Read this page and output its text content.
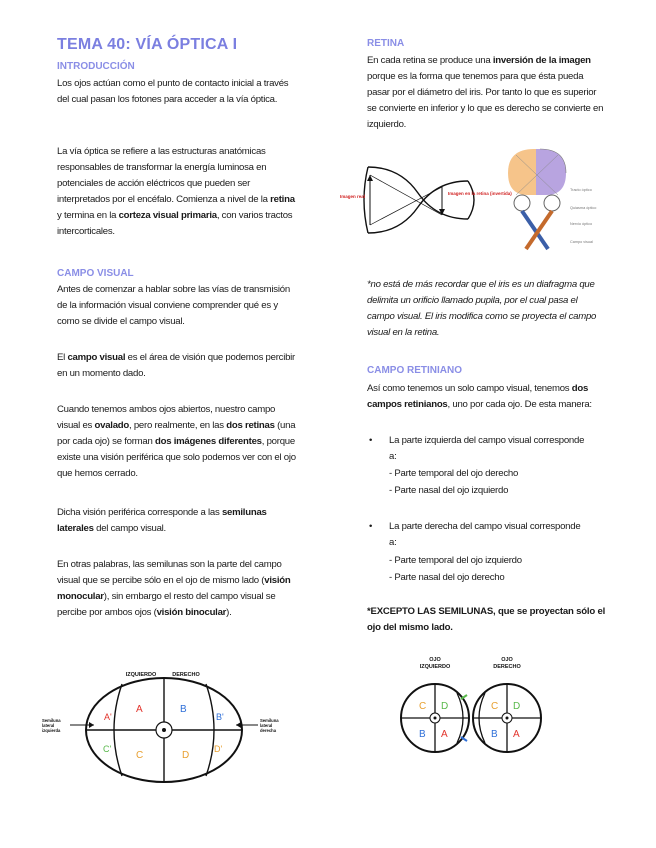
TEMA 40: VÍA ÓPTICA I
INTRODUCCIÓN
Los ojos actúan como el punto de contacto inicial a través del cual pasan los fotones para acceder a la vía óptica.
La vía óptica se refiere a las estructuras anatómicas responsables de transformar la energía luminosa en potenciales de acción eléctricos que pueden ser interpretados por el encéfalo. Comienza a nivel de la retina y termina en la corteza visual primaria, con varios tractos intercorticales.
CAMPO VISUAL
Antes de comenzar a hablar sobre las vías de transmisión de la información visual conviene comprender qué es y como se divide el campo visual.
El campo visual es el área de visión que podemos percibir en un momento dado.
Cuando tenemos ambos ojos abiertos, nuestro campo visual es ovalado, pero realmente, en las dos retinas (una por cada ojo) se forman dos imágenes diferentes, porque existe una visión periférica que solo podemos ver con el ojo que hemos cerrado.
Dicha visión periférica corresponde a las semilunas laterales del campo visual.
En otras palabras, las semilunas son la parte del campo visual que se percibe sólo en el ojo de mismo lado (visión monocular), sin embargo el resto del campo visual se percibe por ambos ojos (visión binocular).
IZQUIERDO	DERECHO
Semiluna lateral izquierda
Semiluna lateral derecha
A'
A	B
B'
C'
C	D
D'
RETINA
En cada retina se produce una inversión de la imagen porque es la forma que tenemos para que ésta pueda pasar por el diámetro del iris. Por tanto lo que es superior se convierte en inferior y lo que es derecho se convierte en izquierdo.
*no está de más recordar que el iris es un diafragma que delimita un orificio llamado pupila, por el cual pasa el campo visual. El iris modifica como se proyecta el campo visual en la retina.
CAMPO RETINIANO
Así como tenemos un solo campo visual, tenemos dos campos retinianos, uno por cada ojo. De esta manera:
• La parte izquierda del campo visual corresponde a:
- Parte temporal del ojo derecho
- Parte nasal del ojo izquierdo
• La parte derecha del campo visual corresponde a:
- Parte temporal del ojo izquierdo
- Parte nasal del ojo derecho
*EXCEPTO LAS SEMILUNAS, que se proyectan sólo el ojo del mismo lado.
Imagen real
Imagen en la retina (invertida)
Tracto óptico
Quiasma óptico
Nervio óptico
Campo visual
OJO IZQUIERDO
OJO DERECHO
C D
B A
C D
B A
